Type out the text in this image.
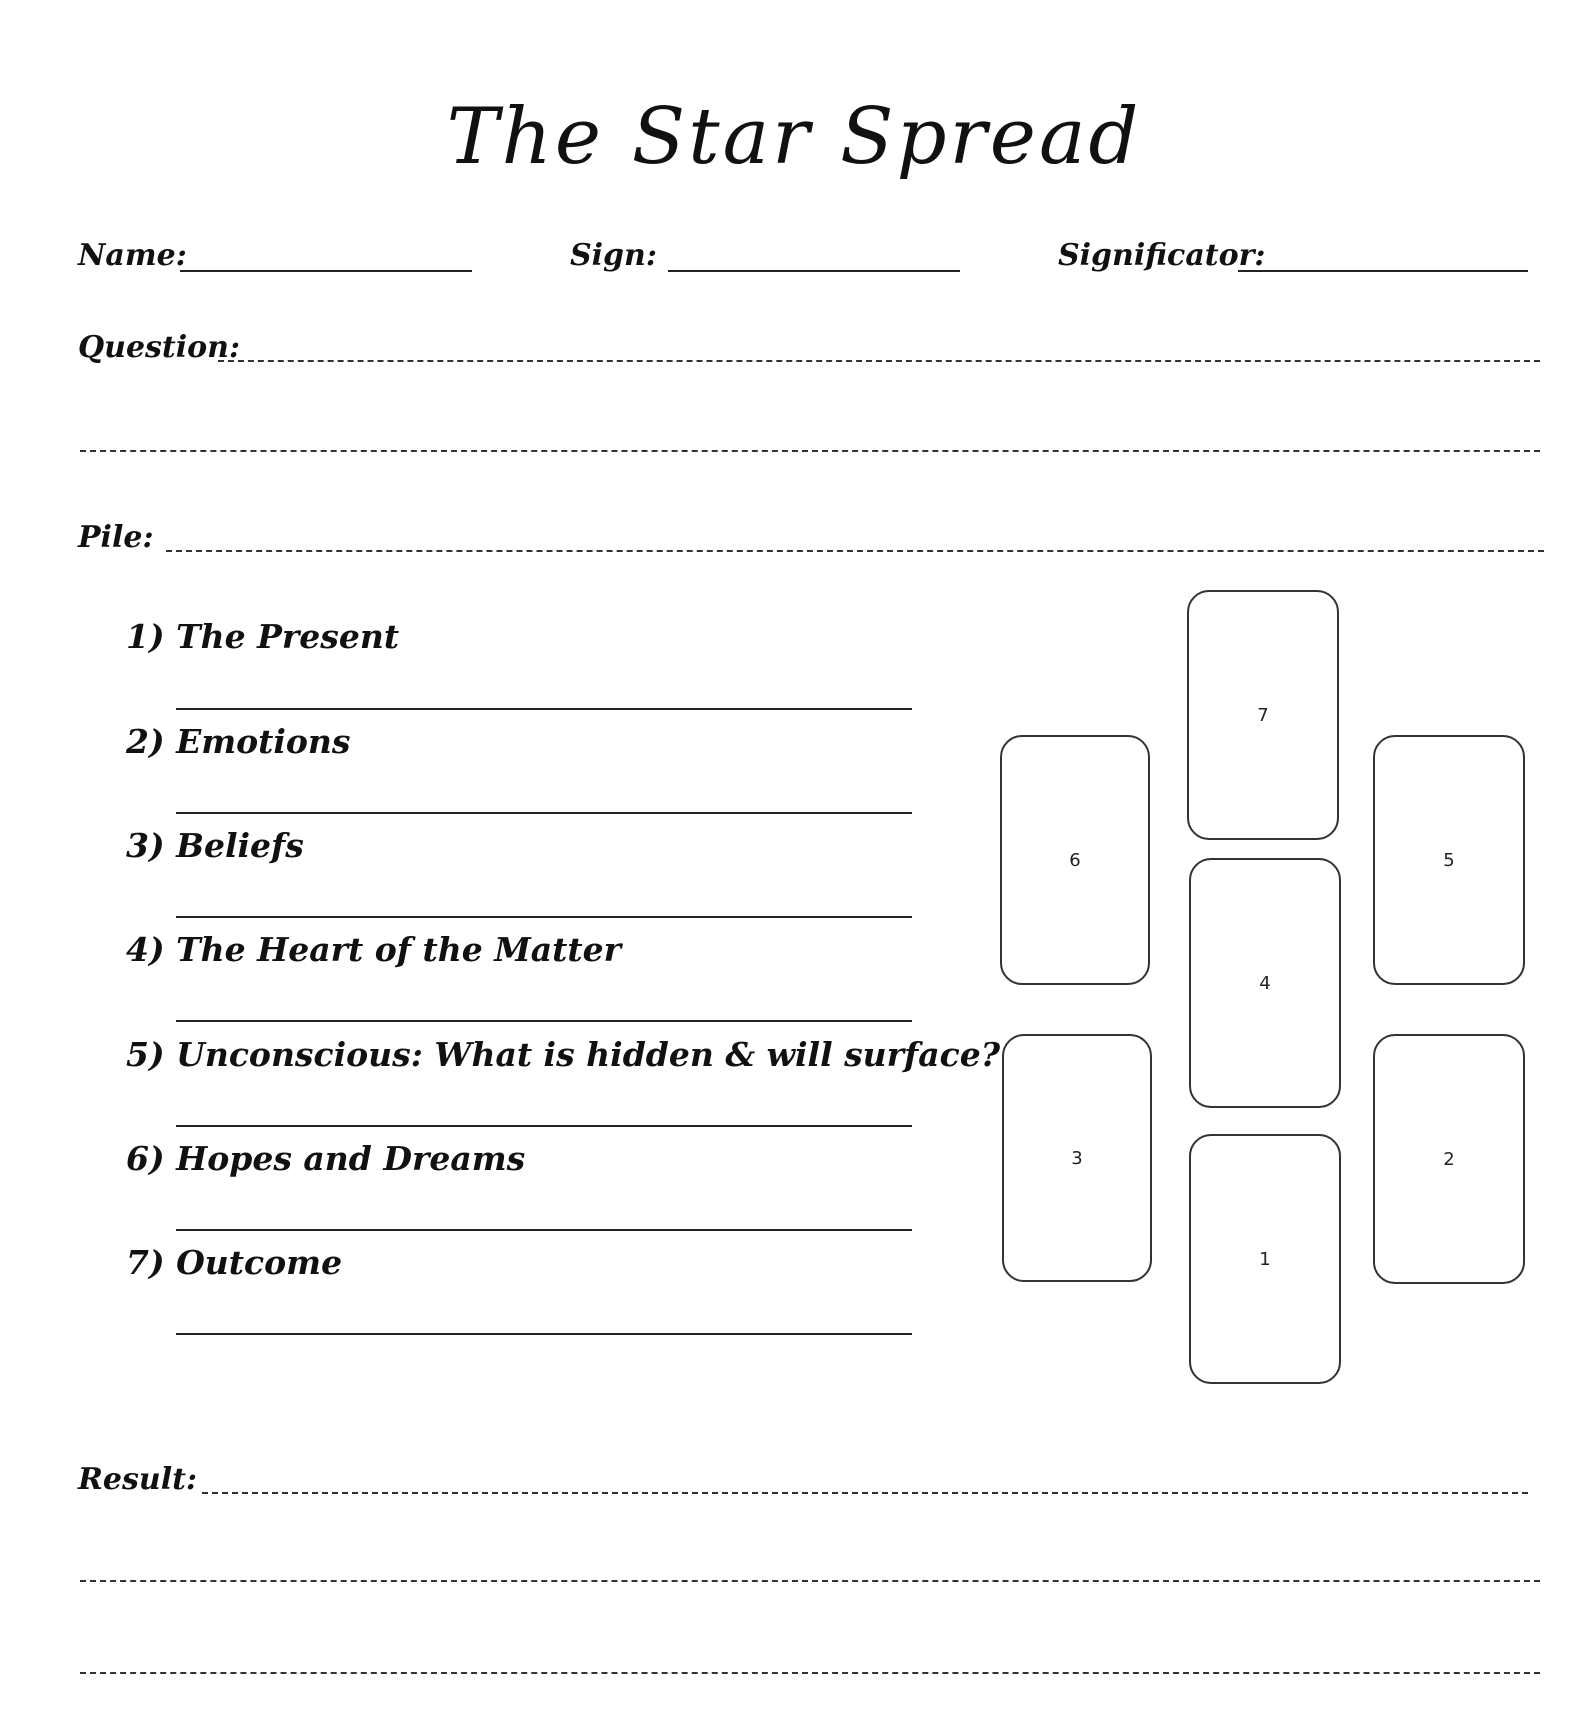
The Star Spread
Name:	Sign:	Significator:
Question:
Pile:
1) The Present
2) Emotions
3) Beliefs
4) The Heart of the Matter
5) Unconscious: What is hidden & will surface?
6) Hopes and Dreams
7) Outcome
7
6	5
4
3	2
1
Result:
